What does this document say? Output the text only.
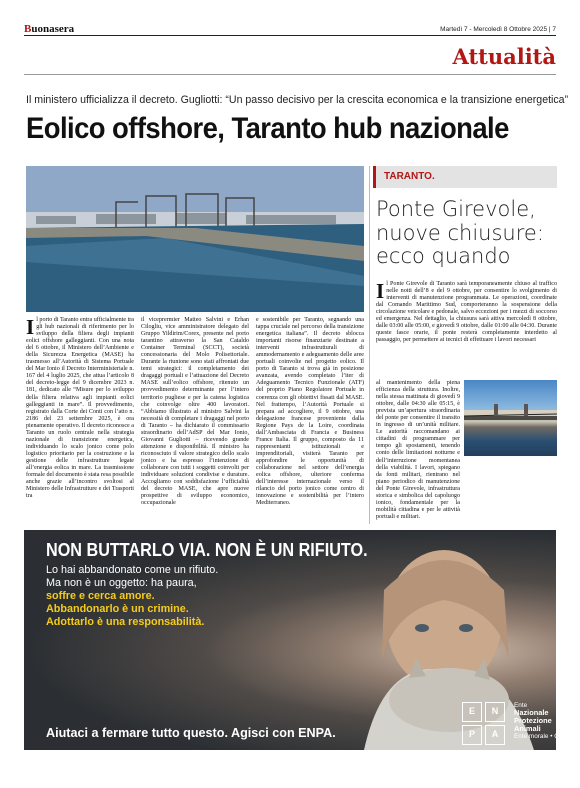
Buonasera	Martedì 7 - Mercoledì 8 Ottobre 2025 | 7
Attualità
Il ministero ufficializza il decreto. Gugliotti: “Un passo decisivo per la crescita economica e la transizione energetica”
Eolico offshore, Taranto hub nazionale
Il porto di Taranto entra ufficialmente tra gli hub nazionali di riferimento per lo sviluppo della filiera degli impianti eolici offshore galleggianti. Con una nota del 6 ottobre, il Ministero dell’Ambiente e della Sicurezza Energetica (MASE) ha trasmesso all’Autorità di Sistema Portuale del Mar Ionio il Decreto Interministeriale n. 167 del 4 luglio 2025, che attua l’articolo 8 del decreto-legge del 9 dicembre 2023 n. 181, dedicato alle “Misure per lo sviluppo della filiera relativa agli impianti eolici galleggianti in mare”. Il provvedimento, registrato dalla Corte dei Conti con l’atto n. 2186 del 23 settembre 2025, è ora pienamente operativo. Il decreto riconosce a Taranto un ruolo centrale nella strategia nazionale di transizione energetica, individuando lo scalo jonico come polo logistico prioritario per la costruzione e la gestione delle infrastrutture legate all’energia eolica in mare. La trasmissione formale del documento è stata resa possibile anche grazie all’incontro svoltosi al Ministero delle Infrastrutture e dei Trasporti tra
il viceprermier Matteo Salvini e Erhan Cilogliu, vice amministratore delegato del Gruppo Yildirim/Corex, presente nel porto tarantino attraverso la San Cataldo Container Terminal (SCCT), società concessionaria del Molo Polisettoriale. Durante la riunione sono stati affrontati due temi strategici: il completamento dei dragaggi portuali e l’attuazione del Decreto MASE sull’eolico offshore, ritenuto un provvedimento determinante per l’intero territorio pugliese e per la catena logistica che coinvolge oltre 400 lavoratori. “Abbiamo illustrato al ministro Salvini la necessità di completare i dragaggi nel porto di Taranto – ha dichiarato il commissario straordinario dell’AdSP del Mar Ionio, Giovanni Gugliotti – ricevendo grande attenzione e disponibilità. Il ministro ha riconosciuto il valore strategico dello scalo jonico e ha espresso l’intenzione di collaborare con tutti i soggetti coinvolti per individuare soluzioni condivise e durature. Accogliamo con soddisfazione l’ufficialità del decreto MASE, che apre nuove prospettive di sviluppo economico, occupazionale
e sostenibile per Taranto, segnando una tappa cruciale nel percorso della transizione energetica italiana”. Il decreto sblocca importanti risorse finanziarie destinate a interventi infrastrutturali di ammodernamento e adeguamento delle aree portuali coinvolte nel progetto eolico. Il porto di Taranto si trova già in posizione avanzata, avendo completato l’iter di Adeguamento Tecnico Funzionale (ATF) del proprio Piano Regolatore Portuale in coerenza con gli obiettivi fissati dal MASE. Nel frattempo, l’Autorità Portuale si prepara ad accogliere, il 9 ottobre, una delegazione francese proveniente dalla Regione Pays de la Loire, coordinata dall’Ambasciata di Francia e Business France Italia. Il gruppo, composto da 11 rappresentanti istituzionali e imprenditoriali, visiterà Taranto per approfondire le opportunità di collaborazione nel settore dell’energia eolica offshore, ulteriore conferma dell’interesse internazionale verso il rilancio del porto jonico come centro di innovazione e sostenibilità per l’intero Mediterraneo.
TARANTO.
Ponte Girevole,
nuove chiusure:
ecco quando
Il Ponte Girevole di Taranto sarà temporaneamente chiuso al traffico nelle notti dell’8 e del 9 ottobre, per consentire lo svolgimento di interventi di manutenzione programmata. Le operazioni, coordinate dal Comando Marittimo Sud, comporteranno la sospensione della circolazione veicolare e pedonale, salvo eccezioni per i mezzi di soccorso ed emergenza. Nel dettaglio, la chiusura sarà attiva mercoledì 8 ottobre, dalle 03:00 alle 05:00, e giovedì 9 ottobre, dalle 01:00 alle 04:30. Durante queste fasce orarie, il ponte resterà completamente interdetto al passaggio, per permettere ai tecnici di effettuare i lavori necessari
al mantenimento della piena efficienza della struttura. Inoltre, nella stessa mattinata di giovedì 9 ottobre, dalle 04:30 alle 05:15, è prevista un’apertura straordinaria del ponte per consentire il transito in ingresso di un’unità militare. Le autorità raccomandano ai cittadini di programmare per tempo gli spostamenti, tenendo conto delle limitazioni notturne e dell’interruzione momentanea della viabilità. I lavori, spiegano da fonti militari, rientrano nel piano periodico di manutenzione del Ponte Girevole, infrastruttura storica e simbolica del capoluogo ionico, fondamentale per la mobilità cittadina e per le attività portuali e militari.
NON BUTTARLO VIA. NON È UN RIFIUTO.
Lo hai abbandonato come un rifiuto.
Ma non è un oggetto: ha paura,
soffre e cerca amore.
Abbandonarlo è un crimine.
Adottarlo è una responsabilità.
Aiutaci a fermare tutto questo. Agisci con ENPA.
E	N
P	A
Ente
Nazionale
Protezione
Animali
Ente morale • ODV
